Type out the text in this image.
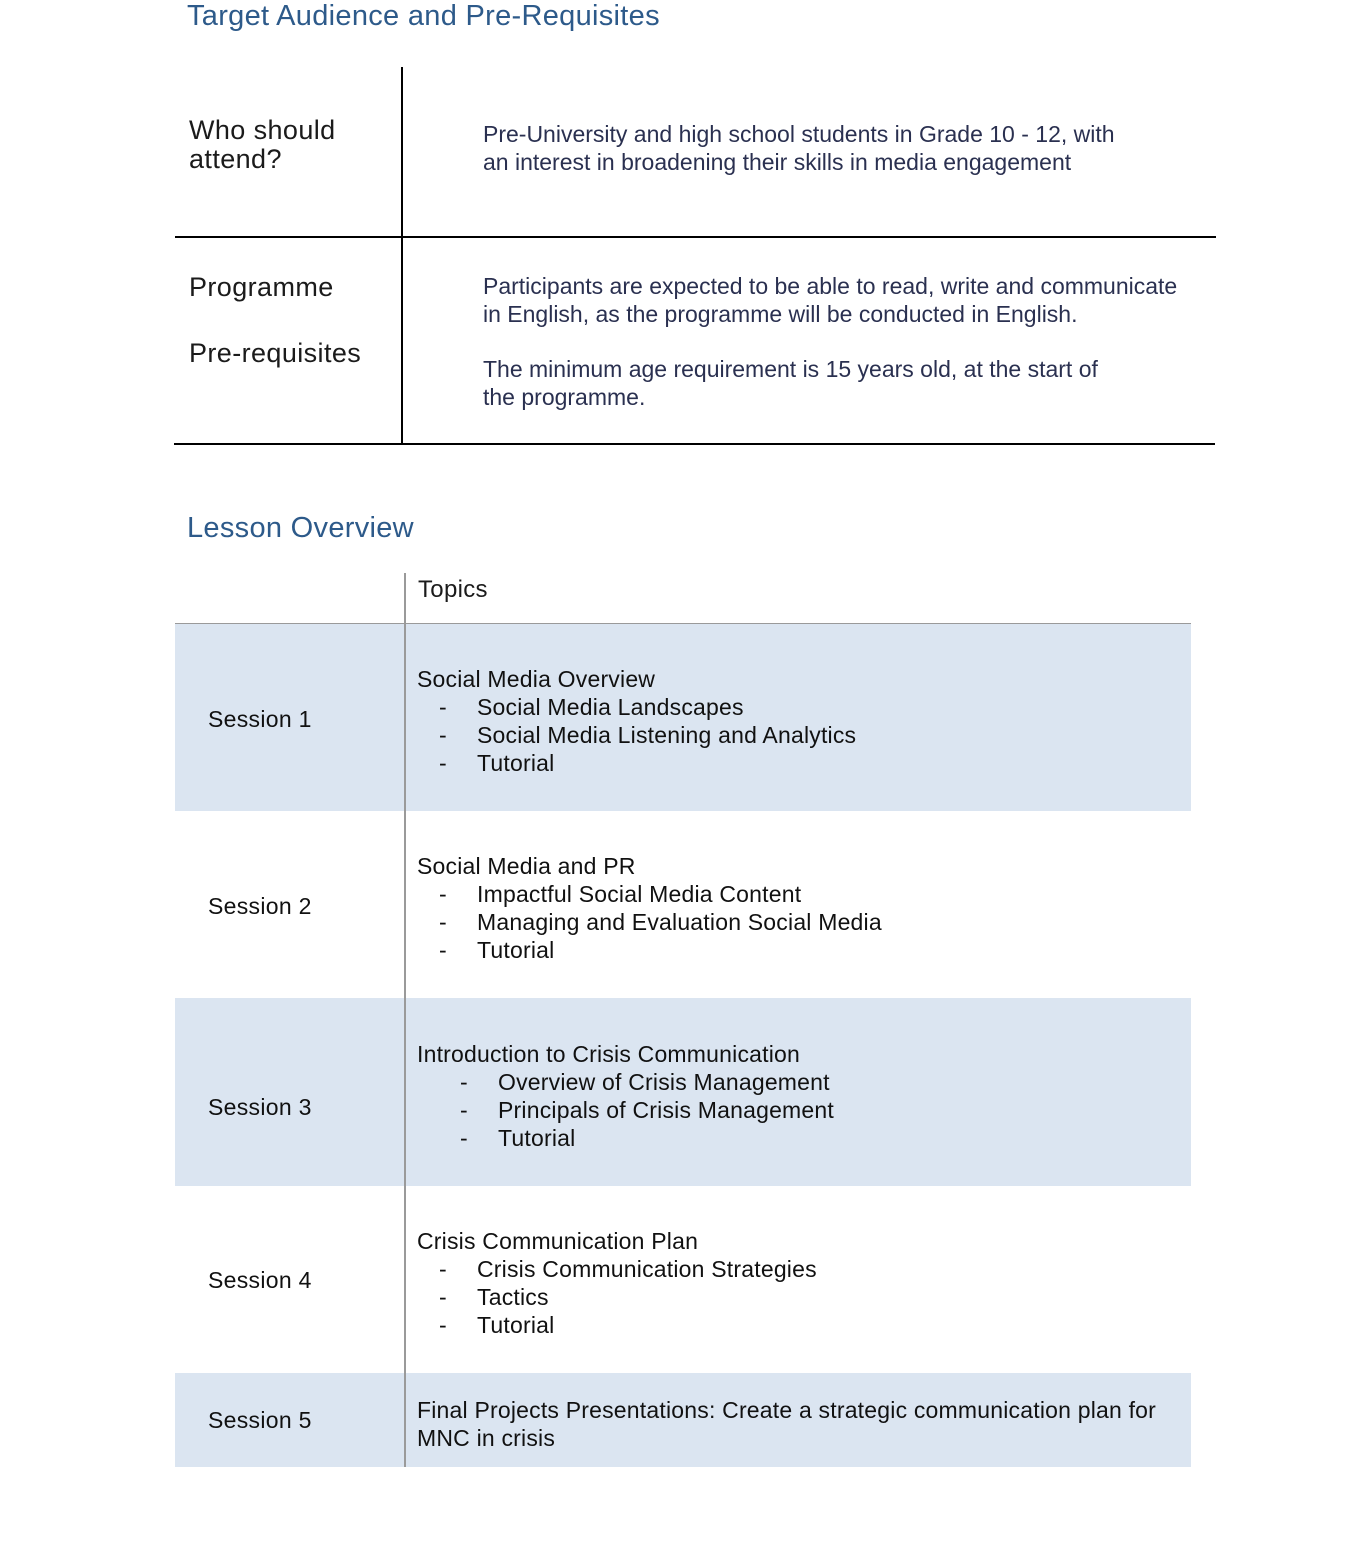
Target Audience and Pre-Requisites
Who should
attend?
Pre-University and high school students in Grade 10 - 12, with
an interest in broadening their skills in media engagement
Programme
Pre-requisites
Participants are expected to be able to read, write and communicate
in English, as the programme will be conducted in English.
The minimum age requirement is 15 years old, at the start of
the programme.
Lesson Overview
Topics
Session 1
Social Media Overview
- Social Media Landscapes
- Social Media Listening and Analytics
- Tutorial
Session 2
Social Media and PR
- Impactful Social Media Content
- Managing and Evaluation Social Media
- Tutorial
Session 3
Introduction to Crisis Communication
- Overview of Crisis Management
- Principals of Crisis Management
- Tutorial
Session 4
Crisis Communication Plan
- Crisis Communication Strategies
- Tactics
- Tutorial
Session 5	Final Projects Presentations: Create a strategic communication plan for
MNC in crisis
